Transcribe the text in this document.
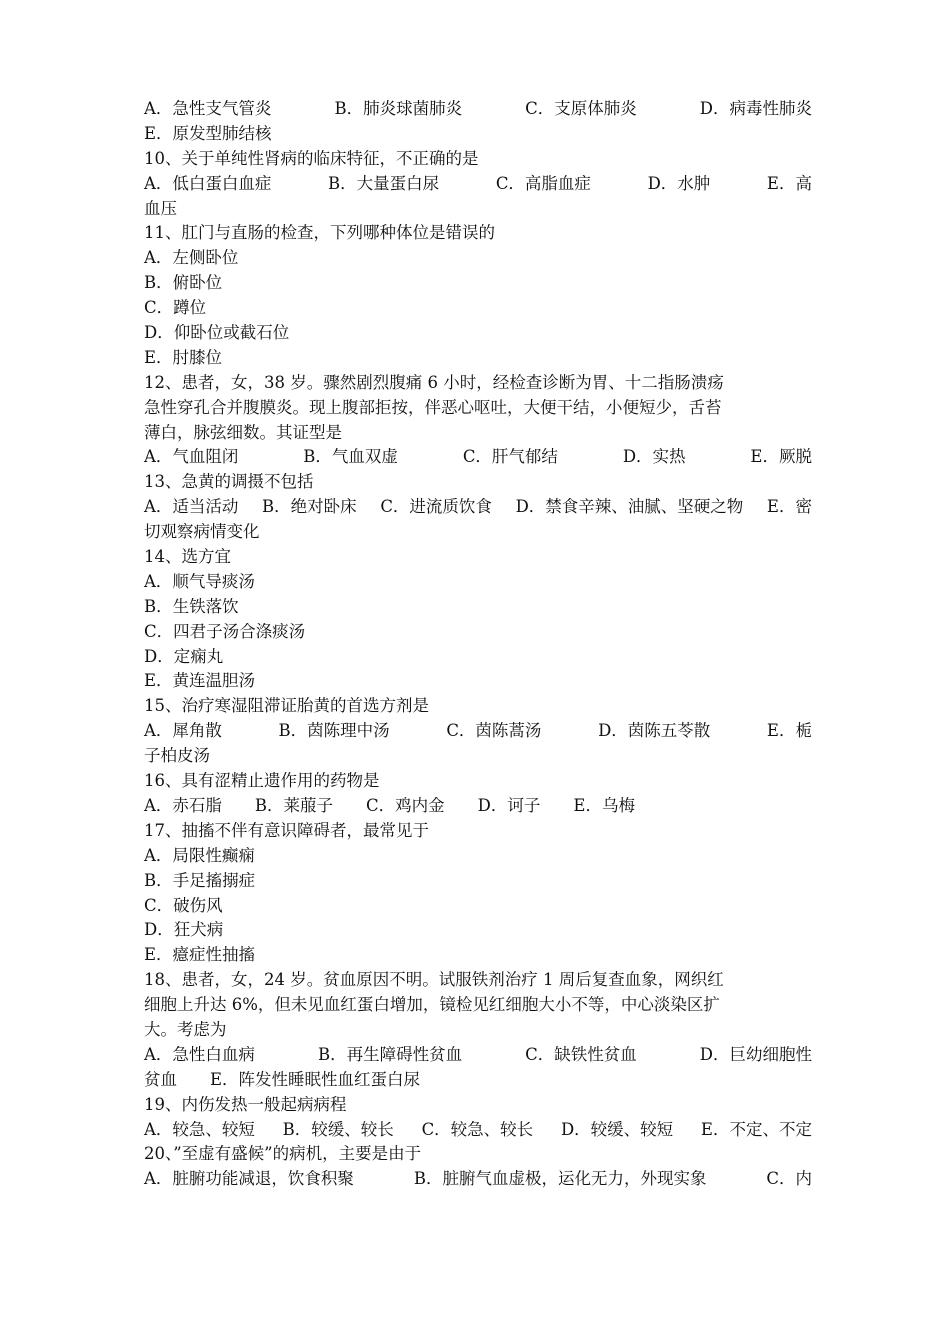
A．急性支气管炎	B．肺炎球菌肺炎	C．支原体肺炎	D．病毒性肺炎
E．原发型肺结核
10、关于单纯性肾病的临床特征，不正确的是
A．低白蛋白血症	B．大量蛋白尿	C．高脂血症	D．水肿	E．高
血压
11、肛门与直肠的检查，下列哪种体位是错误的
A．左侧卧位
B．俯卧位
C．蹲位
D．仰卧位或截石位
E．肘膝位
12、患者，女，38 岁。骤然剧烈腹痛 6 小时，经检查诊断为胃、十二指肠溃疡
急性穿孔合并腹膜炎。现上腹部拒按，伴恶心呕吐，大便干结，小便短少，舌苔
薄白，脉弦细数。其证型是
A．气血阻闭	B．气血双虚	C．肝气郁结	D．实热	E．厥脱
13、急黄的调摄不包括
A．适当活动 B．绝对卧床 C．进流质饮食 D．禁食辛辣、油腻、坚硬之物 E．密
切观察病情变化
14、选方宜
A．顺气导痰汤
B．生铁落饮
C．四君子汤合涤痰汤
D．定痫丸
E．黄连温胆汤
15、治疗寒湿阻滞证胎黄的首选方剂是
A．犀角散	B．茵陈理中汤	C．茵陈蒿汤	D．茵陈五苓散	E．栀
子柏皮汤
16、具有涩精止遗作用的药物是
A．赤石脂　　B．莱菔子　　C．鸡内金　　D．诃子　　E．乌梅
17、抽搐不伴有意识障碍者，最常见于
A．局限性癫痫
B．手足搐搦症
C．破伤风
D．狂犬病
E．癔症性抽搐
18、患者，女，24 岁。贫血原因不明。试服铁剂治疗 1 周后复查血象，网织红
细胞上升达 6%，但未见血红蛋白增加，镜检见红细胞大小不等，中心淡染区扩
大。考虑为
A．急性白血病	B．再生障碍性贫血	C．缺铁性贫血	D．巨幼细胞性
贫血　　E．阵发性睡眠性血红蛋白尿
19、内伤发热一般起病病程
A．较急、较短 B．较缓、较长 C．较急、较长 D．较缓、较短 E．不定、不定
20、”至虚有盛候”的病机，主要是由于
A．脏腑功能减退，饮食积聚	B．脏腑气血虚极，运化无力，外现实象	C．内
